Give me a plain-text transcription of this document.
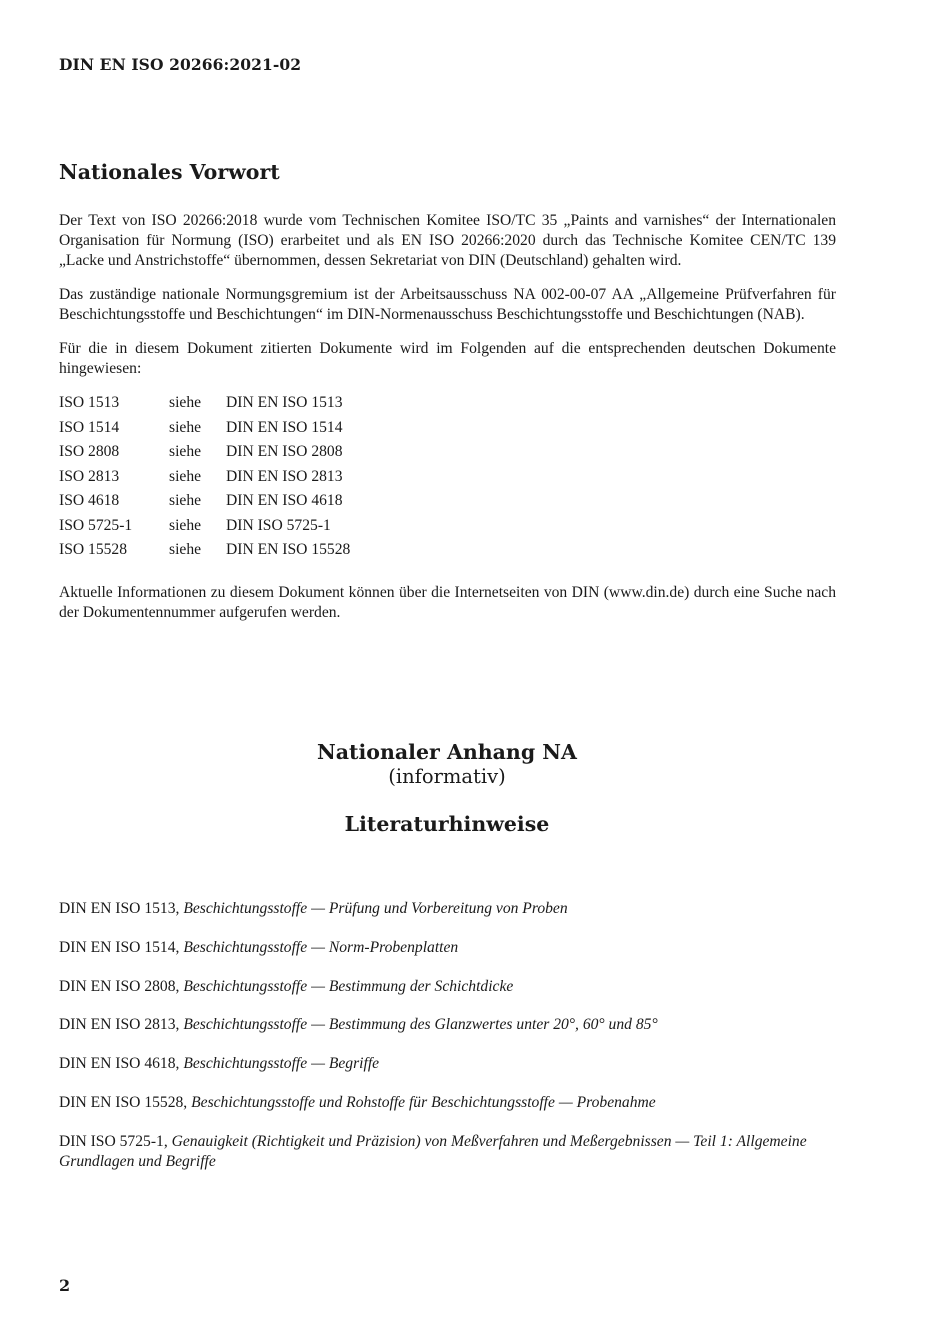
DIN EN ISO 20266:2021-02
Nationales Vorwort

Der Text von ISO 20266:2018 wurde vom Technischen Komitee ISO/TC 35 „Paints and varnishes“ der Internationalen Organisation für Normung (ISO) erarbeitet und als EN ISO 20266:2020 durch das Technische Komitee CEN/TC 139 „Lacke und Anstrichstoffe“ übernommen, dessen Sekretariat von DIN (Deutschland) gehalten wird.

Das zuständige nationale Normungsgremium ist der Arbeitsausschuss NA 002-00-07 AA „Allgemeine Prüfverfahren für Beschichtungsstoffe und Beschichtungen“ im DIN-Normenausschuss Beschichtungsstoffe und Beschichtungen (NAB).

Für die in diesem Dokument zitierten Dokumente wird im Folgenden auf die entsprechenden deutschen Dokumente hingewiesen:

ISO 1513	siehe	DIN EN ISO 1513
ISO 1514	siehe	DIN EN ISO 1514
ISO 2808	siehe	DIN EN ISO 2808
ISO 2813	siehe	DIN EN ISO 2813
ISO 4618	siehe	DIN EN ISO 4618
ISO 5725-1	siehe	DIN ISO 5725-1
ISO 15528	siehe	DIN EN ISO 15528

Aktuelle Informationen zu diesem Dokument können über die Internetseiten von DIN (www.din.de) durch eine Suche nach der Dokumentennummer aufgerufen werden.

Nationaler Anhang NA
(informativ)
Literaturhinweise
DIN EN ISO 1513, Beschichtungsstoffe — Prüfung und Vorbereitung von Proben
DIN EN ISO 1514, Beschichtungsstoffe — Norm-Probenplatten
DIN EN ISO 2808, Beschichtungsstoffe — Bestimmung der Schichtdicke
DIN EN ISO 2813, Beschichtungsstoffe — Bestimmung des Glanzwertes unter 20°, 60° und 85°
DIN EN ISO 4618, Beschichtungsstoffe — Begriffe
DIN EN ISO 15528, Beschichtungsstoffe und Rohstoffe für Beschichtungsstoffe — Probenahme
DIN ISO 5725-1, Genauigkeit (Richtigkeit und Präzision) von Meßverfahren und Meßergebnissen — Teil 1: Allgemeine Grundlagen und Begriffe
2
